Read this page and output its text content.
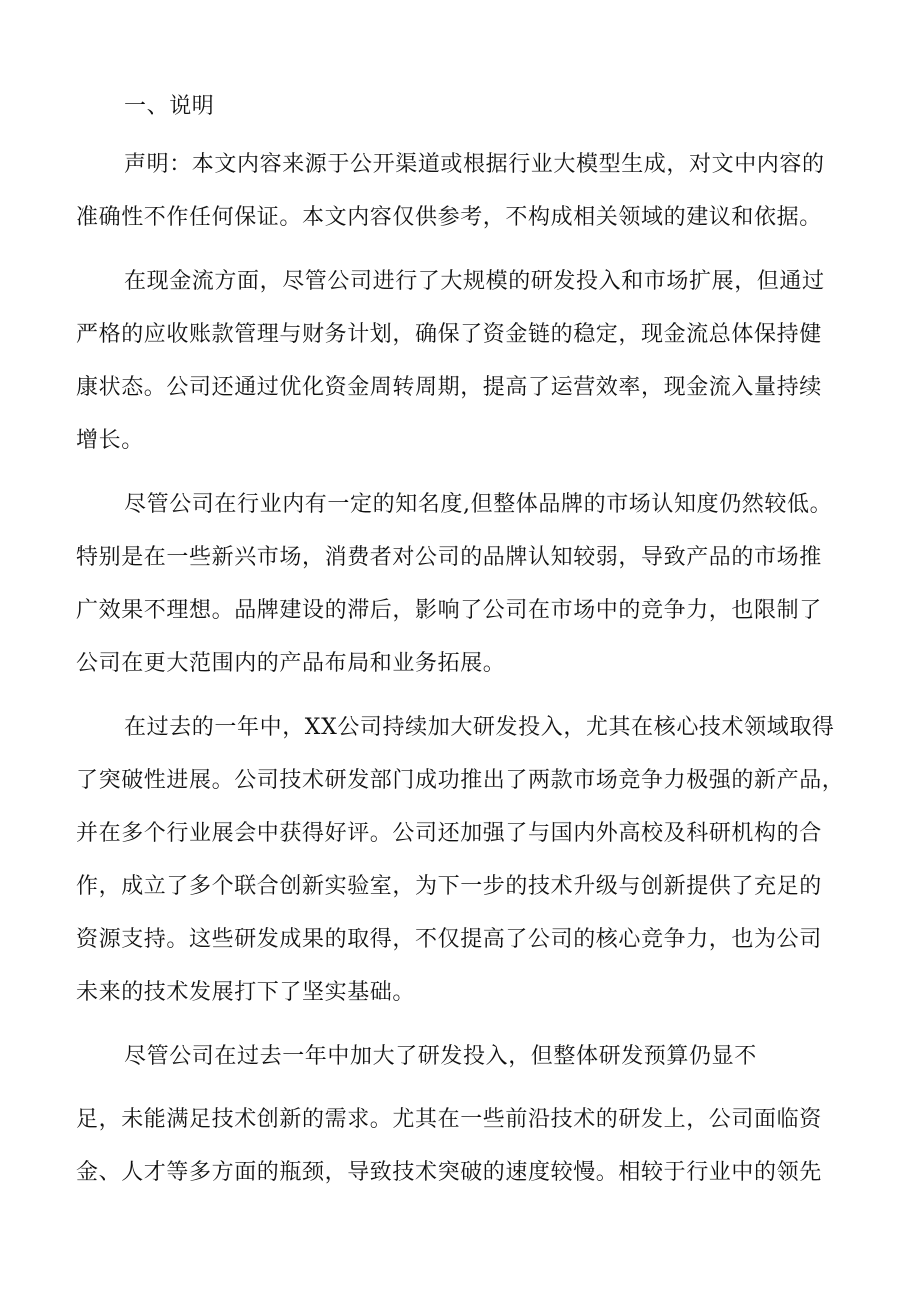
一、说明
声明：本文内容来源于公开渠道或根据行业大模型生成，对文中内容的
准确性不作任何保证。本文内容仅供参考，不构成相关领域的建议和依据。
在现金流方面，尽管公司进行了大规模的研发投入和市场扩展，但通过
严格的应收账款管理与财务计划，确保了资金链的稳定，现金流总体保持健
康状态。公司还通过优化资金周转周期，提高了运营效率，现金流入量持续
增长。
尽管公司在行业内有一定的知名度,但整体品牌的市场认知度仍然较低。
特别是在一些新兴市场，消费者对公司的品牌认知较弱，导致产品的市场推
广效果不理想。品牌建设的滞后，影响了公司在市场中的竞争力，也限制了
公司在更大范围内的产品布局和业务拓展。
在过去的一年中，XX公司持续加大研发投入，尤其在核心技术领域取得
了突破性进展。公司技术研发部门成功推出了两款市场竞争力极强的新产品，
并在多个行业展会中获得好评。公司还加强了与国内外高校及科研机构的合
作，成立了多个联合创新实验室，为下一步的技术升级与创新提供了充足的
资源支持。这些研发成果的取得，不仅提高了公司的核心竞争力，也为公司
未来的技术发展打下了坚实基础。
尽管公司在过去一年中加大了研发投入，但整体研发预算仍显不
足，未能满足技术创新的需求。尤其在一些前沿技术的研发上，公司面临资
金、人才等多方面的瓶颈，导致技术突破的速度较慢。相较于行业中的领先
